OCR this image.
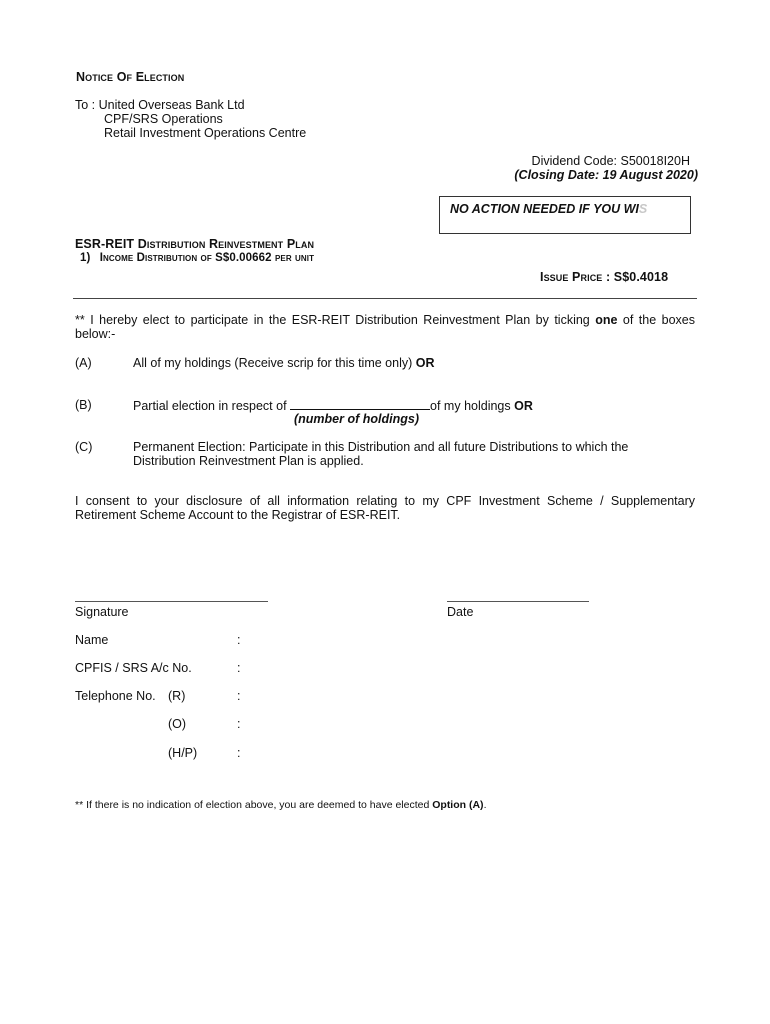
Notice Of Election
To : United Overseas Bank Ltd
CPF/SRS Operations
Retail Investment Operations Centre
Dividend Code: S50018I20H
(Closing Date: 19 August 2020)
NO ACTION NEEDED IF YOU WIS
ESR-REIT Distribution Reinvestment Plan
1) Income Distribution of S$0.00662 per unit
Issue Price : S$0.4018
** I hereby elect to participate in the ESR-REIT Distribution Reinvestment Plan by ticking one of the boxes
below:-
(A)	All of my holdings (Receive scrip for this time only) OR
(B)	Partial election in respect of	of my holdings OR
(number of holdings)
(C)	Permanent Election: Participate in this Distribution and all future Distributions to which the
Distribution Reinvestment Plan is applied.
I consent to your disclosure of all information relating to my CPF Investment Scheme / Supplementary
Retirement Scheme Account to the Registrar of ESR-REIT.
Signature	Date
Name	:
CPFIS / SRS A/c No.	:
Telephone No. (R)	:
(O)	:
(H/P)	:
** If there is no indication of election above, you are deemed to have elected Option (A).
